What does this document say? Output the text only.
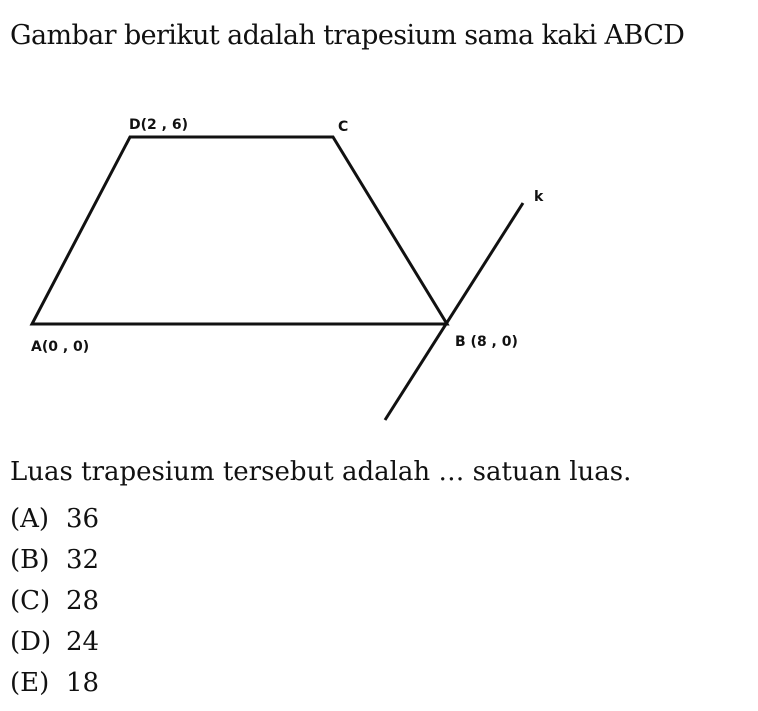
Gambar berikut adalah trapesium sama kaki ABCD
D(2 , 6)	C
k
A(0 , 0)	B (8 , 0)
Luas trapesium tersebut adalah … satuan luas.
(A) 36
(B) 32
(C) 28
(D) 24
(E) 18
